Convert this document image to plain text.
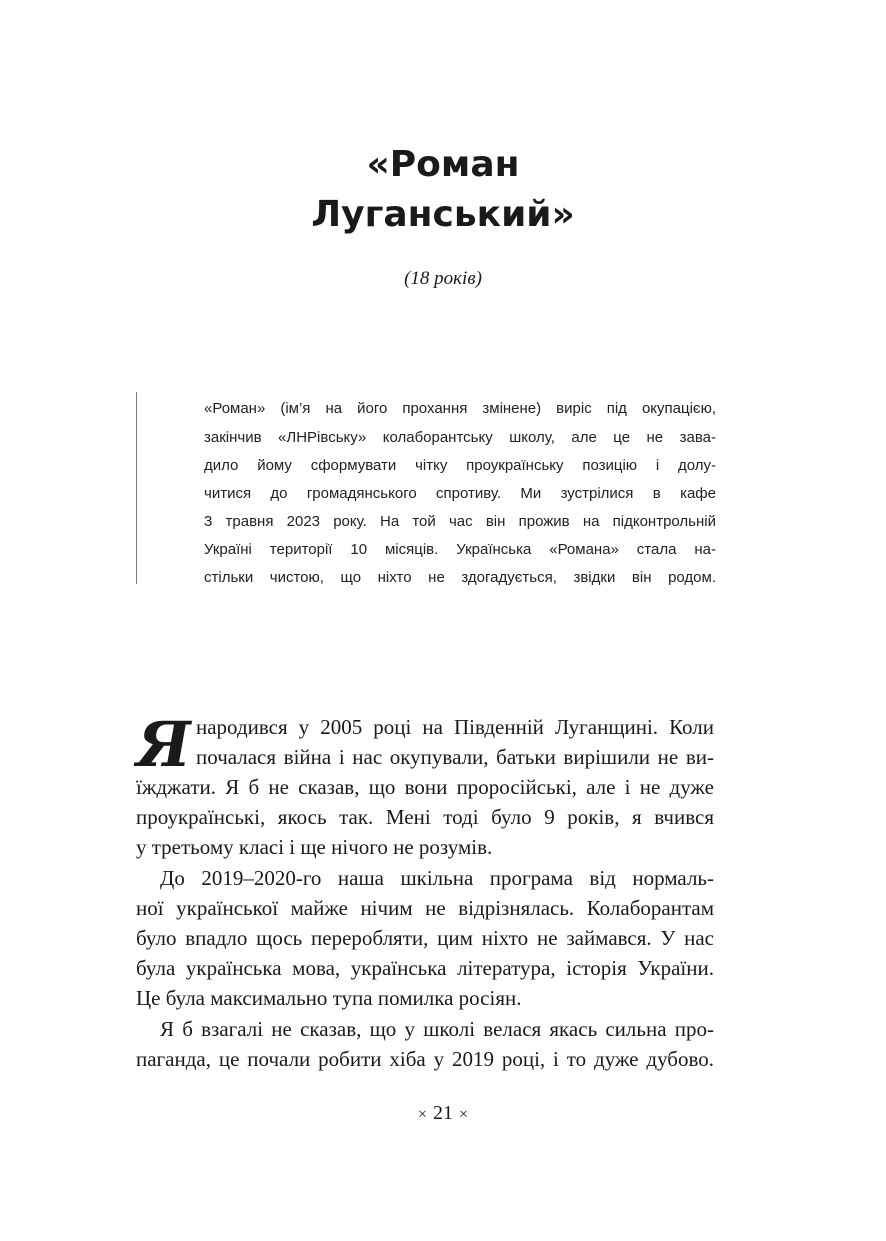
«Роман
Луганський»
(18 років)
«Роман» (ім’я на його прохання змінене) виріс під окупацією,
закінчив «ЛНРівську» колаборантську школу, але це не зава-
дило йому сформувати чітку проукраїнську позицію і долу-
читися до громадянського спротиву. Ми зустрілися в кафе
3 травня 2023 року. На той час він прожив на підконтрольній
Україні території 10 місяців. Українська «Романа» стала на-
стільки чистою, що ніхто не здогадується, звідки він родом.
Я
народився у 2005 році на Південній Луганщині. Коли
почалася війна і нас окупували, батьки вирішили не ви-
їжджати. Я б не сказав, що вони проросійські, але і не дуже
проукраїнські, якось так. Мені тоді було 9 років, я вчився
у третьому класі і ще нічого не розумів.
До 2019–2020-го наша шкільна програма від нормаль-
ної української майже нічим не відрізнялась. Колаборантам
було впадло щось переробляти, цим ніхто не займався. У нас
була українська мова, українська література, історія України.
Це була максимально тупа помилка росіян.
Я б взагалі не сказав, що у школі велася якась сильна про-
паганда, це почали робити хіба у 2019 році, і то дуже дубово.
× 21 ×
